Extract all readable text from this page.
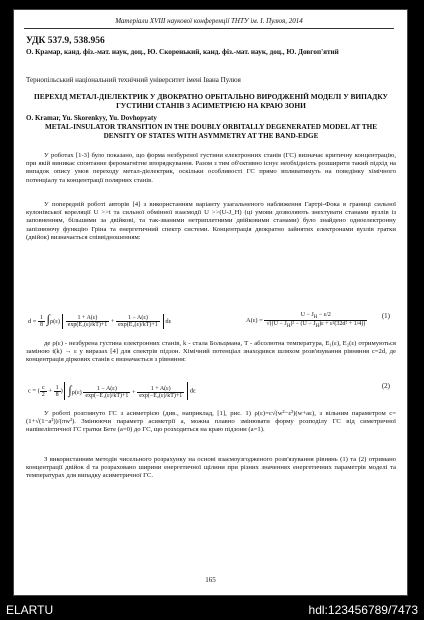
Матеріали XVIII наукової конференції ТНТУ ім. І. Пулюя, 2014
УДК 537.9, 538.956
О. Крамар, канд. фіз.-мат. наук, доц., Ю. Скоренький, канд. фіз.-мат. наук, доц., Ю. Довгоп'ятий
Тернопільський національний технічний університет імені Івана Пулюя
ПЕРЕХІД МЕТАЛ-ДІЕЛЕКТРИК У ДВОКРАТНО ОРБІТАЛЬНО ВИРОДЖЕНІЙ МОДЕЛІ У ВИПАДКУ ГУСТИНИ СТАНІВ З АСИМЕТРІЄЮ НА КРАЮ ЗОНИ
O. Kramar, Yu. Skorenkyy, Yu. Dovhopyaty
METAL-INSULATOR TRANSITION IN THE DOUBLY ORBITALLY DEGENERATED MODEL AT THE DENSITY OF STATES WITH ASYMMETRY AT THE BAND-EDGE
У роботах [1-3] було показано, що форма незбуреної густини електронних станів (ГС) визначає критичну концентрацію, при якій виникає спонтанне феромагнітне впорядкування. Разом з тим об'єктивно існує необхідність розширити такий підхід на випадок опису умов переходу метал-діелектрик, оскільки особливості ГС прямо впливатимуть на поведінку хімічного потенціалу та концентрації полярних станів.
У попередній роботі авторів [4] з використанням варіанту узагальненого наближення Гартрі-Фока в границі сильної кулонівської кореляції U >>t та сильної обмінної взаємодії U >>(U-J_H) (ці умови дозволяють знехтувати станами вузлів із заповненням, більшими за двійкові, та так-званими нетриплетними двійковими станами) було знайдено одноелектронну запізнюючу функцію Гріна та енергетичний спектр системи. Концентрація двократно зайнятих електронами вузлів гратки (двійок) визначається співвідношенням:
$d = \frac{1}{8} \int\rho(\varepsilon) \frac{1 + A(\varepsilon)}{\text{exp(E₁(ε)/kT)+1}} + \frac{1 - A(\varepsilon)}{\text{exp(E₂(ε)/kT)+1}}$ dε	$A(\varepsilon) = \frac{U - J_H - \varepsilon/2}{√((U - J_H)^2 - (U - J_H)\varepsilon + \varepsilon^2(32d^2 + 1/4))} (1)$
де ρ(ε) - незбурена густина електронних станів, k - стала Больцмана, T - абсолютна температура, E₁(ε), E₂(ε) отримуються заміною t(k) → ε у виразах [4] для спектрів підзон. Хімічний потенціал знаходився шляхом розв'язування рівняння c=2d, де концентрація діркових станів c визначається з рівняння:
c = ( $\frac{c}{2} + \frac{1}{8}$ ) $\int\rho(\varepsilon) \frac{1 - A(\varepsilon)}{\text{exp(−E₁(ε)/kT)+1}} + \frac{1 + A(\varepsilon)}{\text{exp(−E₂(ε)/kT)+1}}$ dε
(2)
У роботі розглянуто ГС з асиметрією (див., наприклад, [1], рис. 1) ρ(ε)=c√(w²−ε²)(w+aε), з вільним параметром c=(1+√(1−a²))/(πw²). Змінюючи параметр асиметрії a, можна плавно змінювати форму розподілу ГС від симетричної напівеліптичної ГС гратки Бете (a=0) до ГС, що розходиться на краю підзони (a=1).
З використанням методів чисельного розрахунку на основі взаємоузгодженого розв'язування рівнянь (1) та (2) отримано концентрації двійок d та розраховано ширини енергетичної щілини при різних значеннях енергетичних параметрів моделі та температурах для випадку асиметричної ГС.
165
ELARTU	hdl:123456789/7473
